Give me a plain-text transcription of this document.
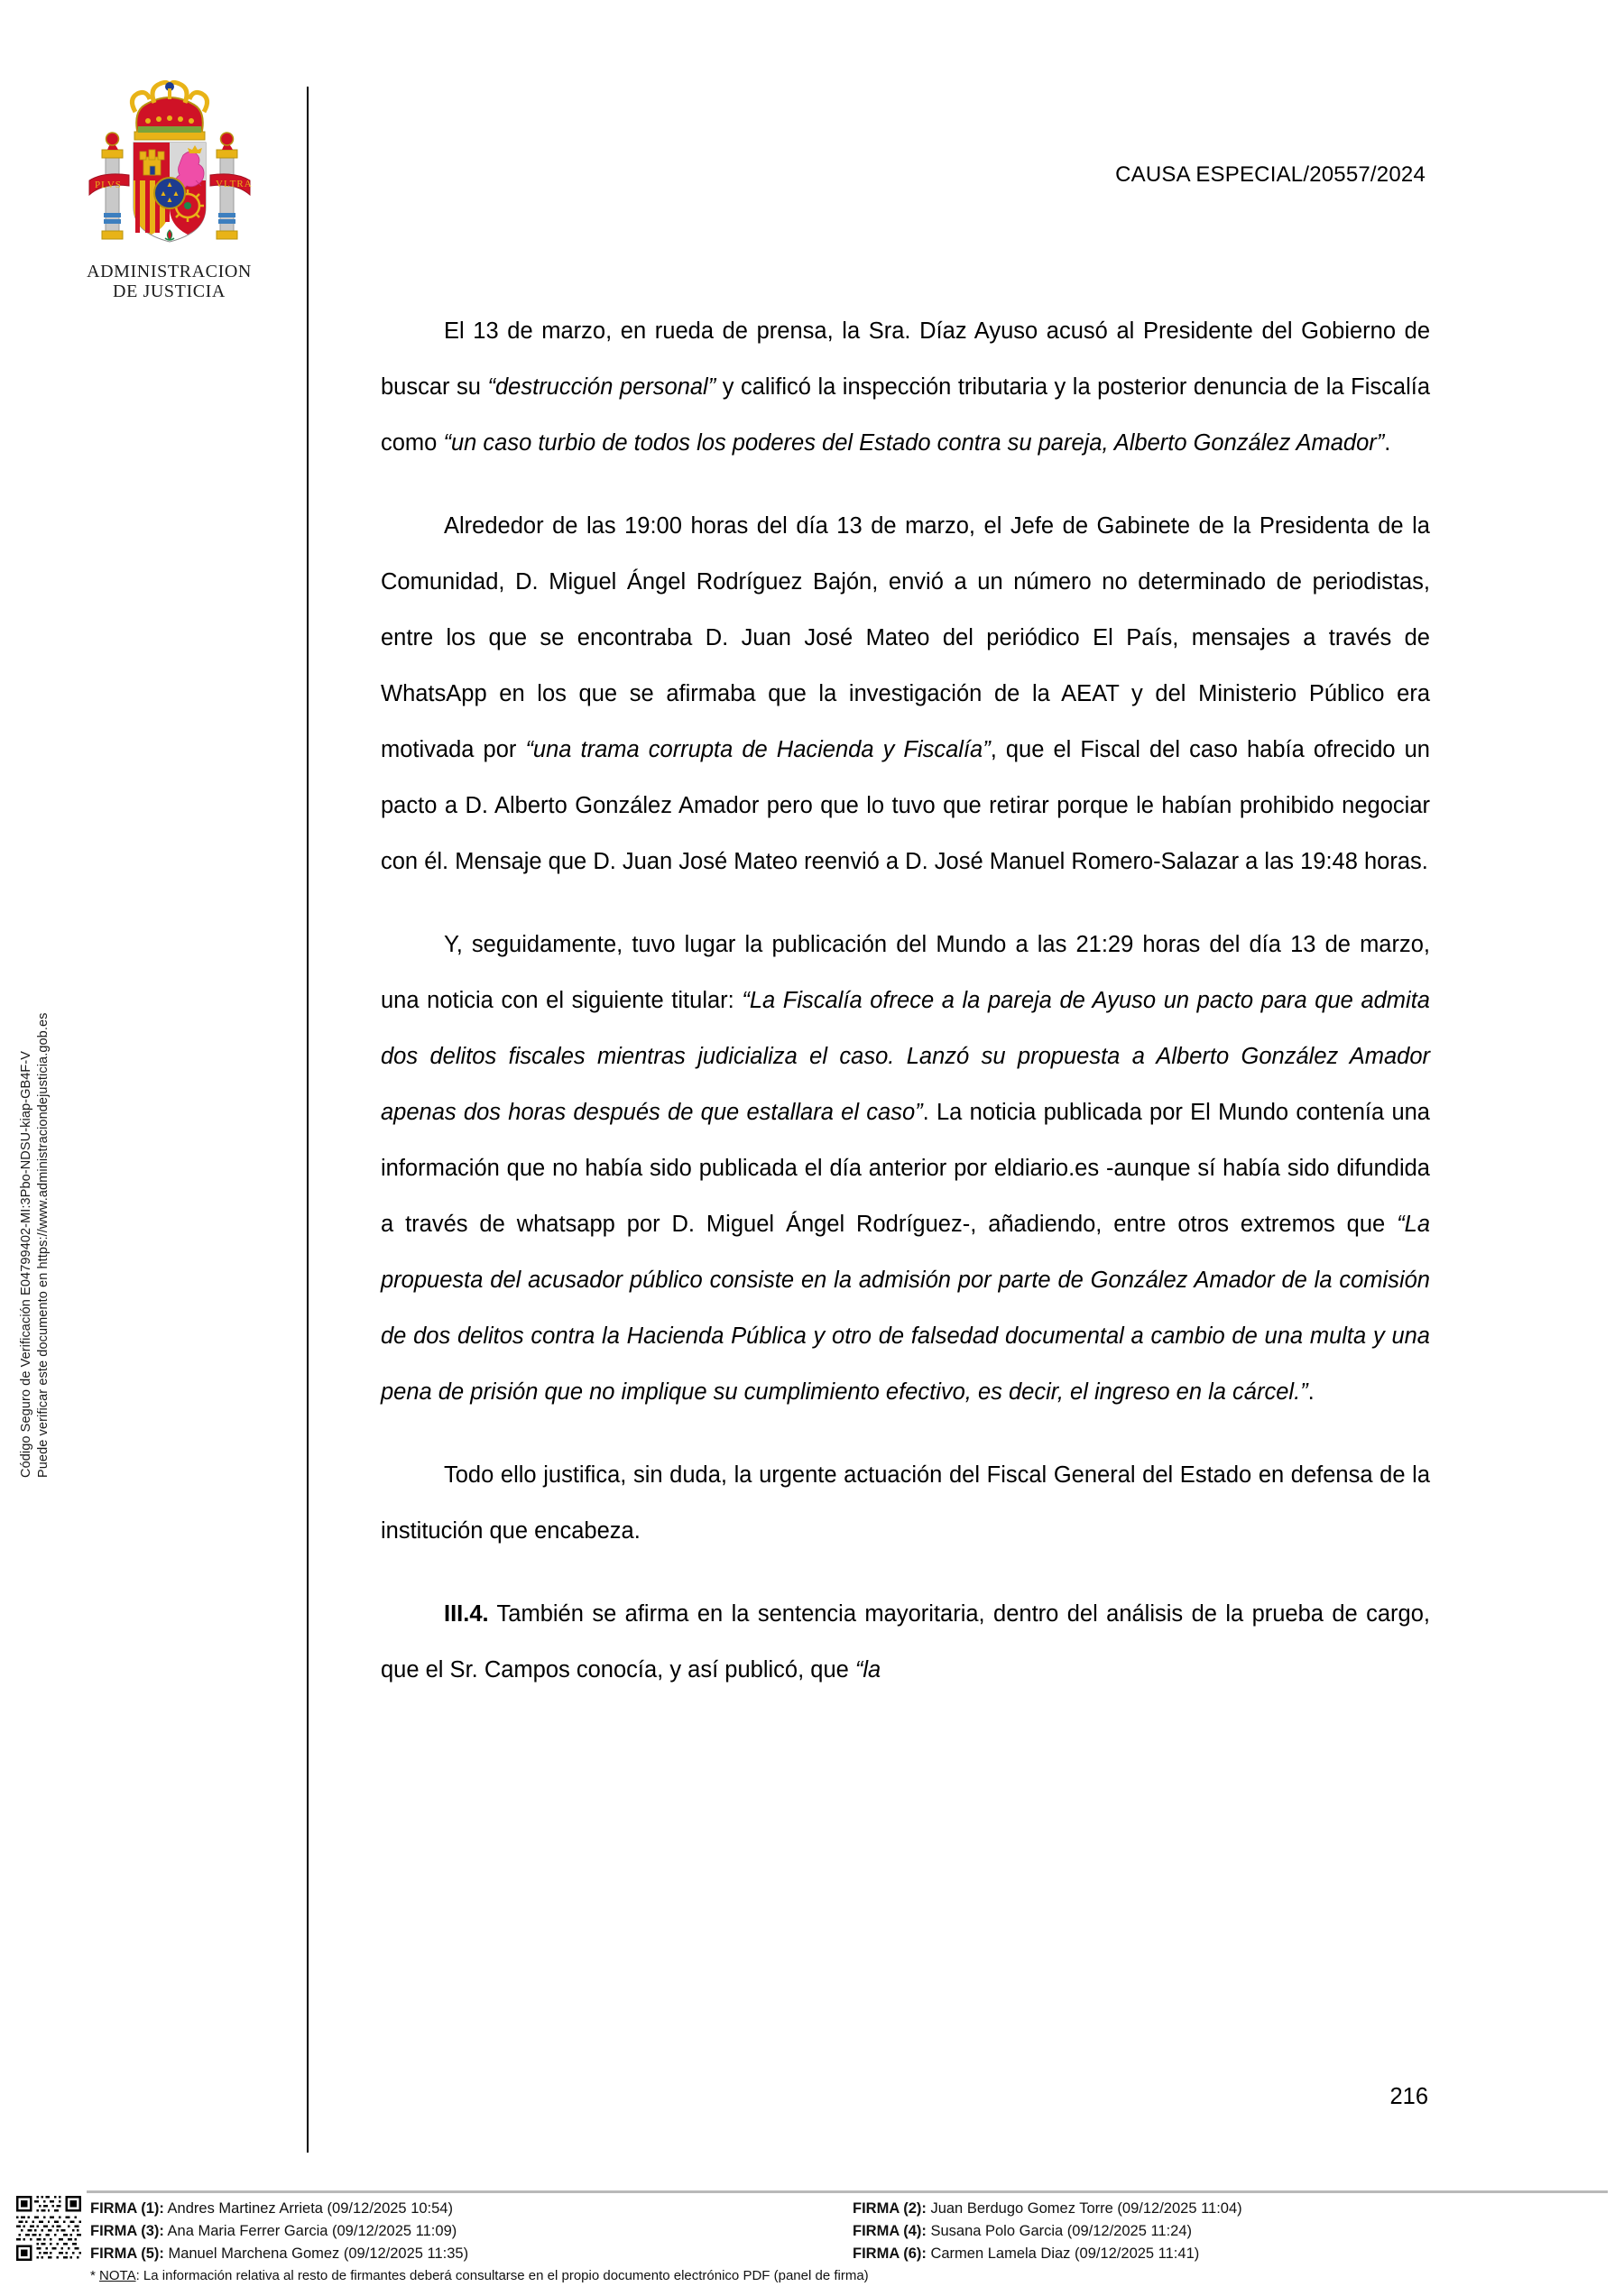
Puede verificar este documento en https://www.administraciondejusticia.gob.es
Código Seguro de Verificación E04799402-MI:3Pbo-NDSU-kiap-GB4F-V
PLVS	VLTRA
ADMINISTRACION
DE JUSTICIA
CAUSA ESPECIAL/20557/2024

El 13 de marzo, en rueda de prensa, la Sra. Díaz Ayuso acusó al Presidente del Gobierno de buscar su “destrucción personal” y calificó la inspección tributaria y la posterior denuncia de la Fiscalía como “un caso turbio de todos los poderes del Estado contra su pareja, Alberto González Amador”.

Alrededor de las 19:00 horas del día 13 de marzo, el Jefe de Gabinete de la Presidenta de la Comunidad, D. Miguel Ángel Rodríguez Bajón, envió a un número no determinado de periodistas, entre los que se encontraba D. Juan José Mateo del periódico El País, mensajes a través de WhatsApp en los que se afirmaba que la investigación de la AEAT y del Ministerio Público era motivada por “una trama corrupta de Hacienda y Fiscalía”, que el Fiscal del caso había ofrecido un pacto a D. Alberto González Amador pero que lo tuvo que retirar porque le habían prohibido negociar con él. Mensaje que D. Juan José Mateo reenvió a D. José Manuel Romero-Salazar a las 19:48 horas.

Y, seguidamente, tuvo lugar la publicación del Mundo a las 21:29 horas del día 13 de marzo, una noticia con el siguiente titular: “La Fiscalía ofrece a la pareja de Ayuso un pacto para que admita dos delitos fiscales mientras judicializa el caso. Lanzó su propuesta a Alberto González Amador apenas dos horas después de que estallara el caso”. La noticia publicada por El Mundo contenía una información que no había sido publicada el día anterior por eldiario.es -aunque sí había sido difundida a través de whatsapp por D. Miguel Ángel Rodríguez-, añadiendo, entre otros extremos que “La propuesta del acusador público consiste en la admisión por parte de González Amador de la comisión de dos delitos contra la Hacienda Pública y otro de falsedad documental a cambio de una multa y una pena de prisión que no implique su cumplimiento efectivo, es decir, el ingreso en la cárcel.”.

Todo ello justifica, sin duda, la urgente actuación del Fiscal General del Estado en defensa de la institución que encabeza.

III.4. También se afirma en la sentencia mayoritaria, dentro del análisis de la prueba de cargo, que el Sr. Campos conocía, y así publicó, que “la

216
FIRMA (1): Andres Martinez Arrieta (09/12/2025 10:54)
FIRMA (3): Ana Maria Ferrer Garcia (09/12/2025 11:09)
FIRMA (5): Manuel Marchena Gomez (09/12/2025 11:35)
FIRMA (2): Juan Berdugo Gomez Torre (09/12/2025 11:04)
FIRMA (4): Susana Polo Garcia (09/12/2025 11:24)
FIRMA (6): Carmen Lamela Diaz (09/12/2025 11:41)
* NOTA: La información relativa al resto de firmantes deberá consultarse en el propio documento electrónico PDF (panel de firma)
